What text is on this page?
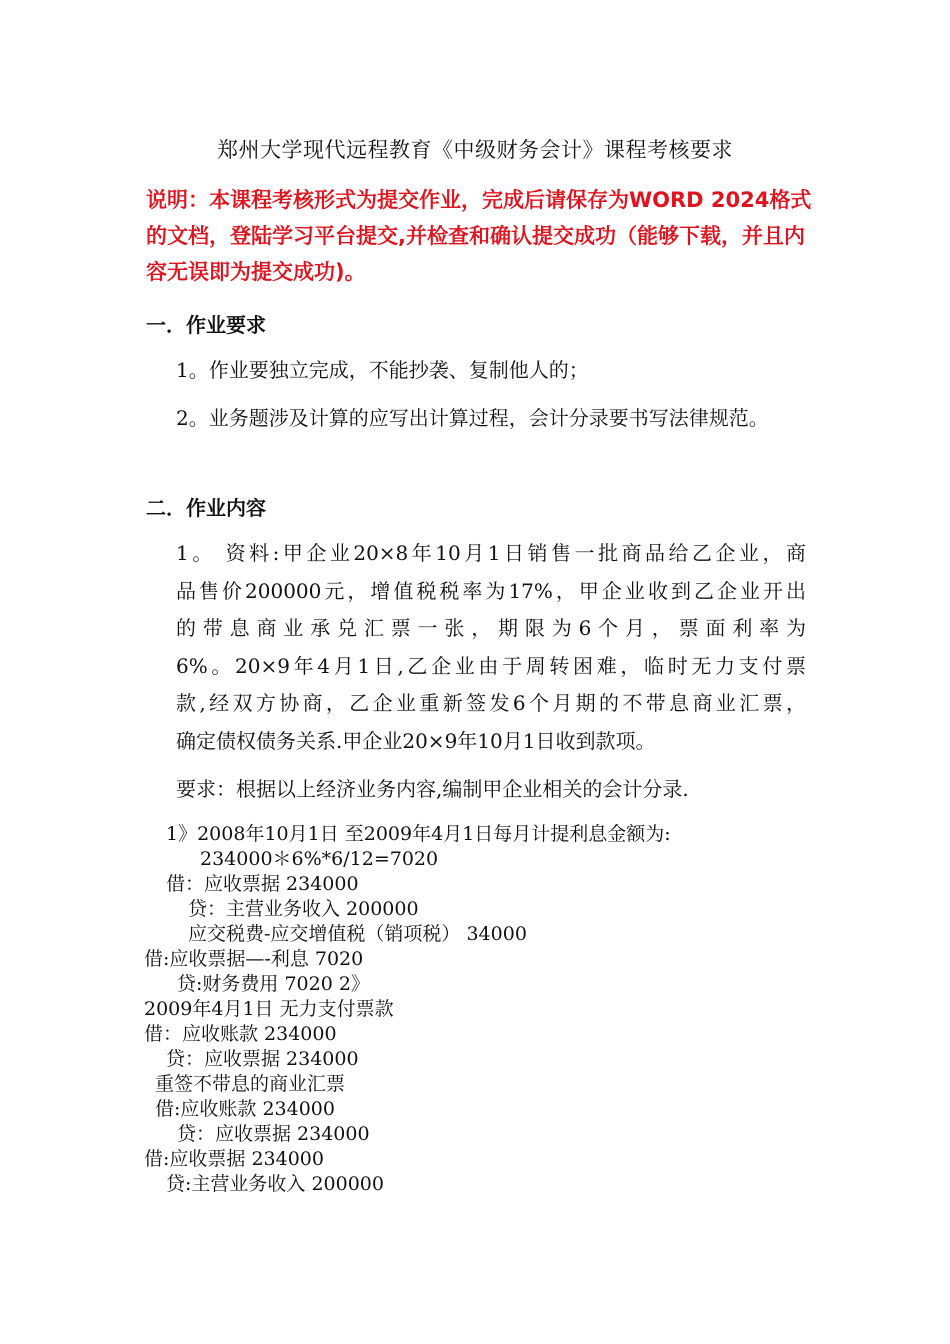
郑州大学现代远程教育《中级财务会计》课程考核要求
说明：本课程考核形式为提交作业，完成后请保存为WORD 2024格式的文档，登陆学习平台提交,并检查和确认提交成功（能够下载，并且内容无误即为提交成功)。
一．作业要求
1。作业要独立完成，不能抄袭、复制他人的；
2。业务题涉及计算的应写出计算过程，会计分录要书写法律规范。
二．作业内容
1。 资料:甲企业20×8年10月1日销售一批商品给乙企业，商
品售价200000元，增值税税率为17%，甲企业收到乙企业开出
的带息商业承兑汇票一张，期限为6个月，票面利率为
6%。20×9年4月1日,乙企业由于周转困难，临时无力支付票
款,经双方协商，乙企业重新签发6个月期的不带息商业汇票，
确定债权债务关系.甲企业20×9年10月1日收到款项。
要求：根据以上经济业务内容,编制甲企业相关的会计分录.
1》2008年10月1日 至2009年4月1日每月计提利息金额为:
234000＊6%*6/12=7020
借：应收票据 234000
贷：主营业务收入 200000
应交税费-应交增值税（销项税） 34000
借:应收票据—-利息 7020
贷:财务费用 7020 2》
2009年4月1日 无力支付票款
借：应收账款 234000
贷：应收票据 234000
重签不带息的商业汇票
借:应收账款 234000
贷：应收票据 234000
借:应收票据 234000
贷:主营业务收入 200000
